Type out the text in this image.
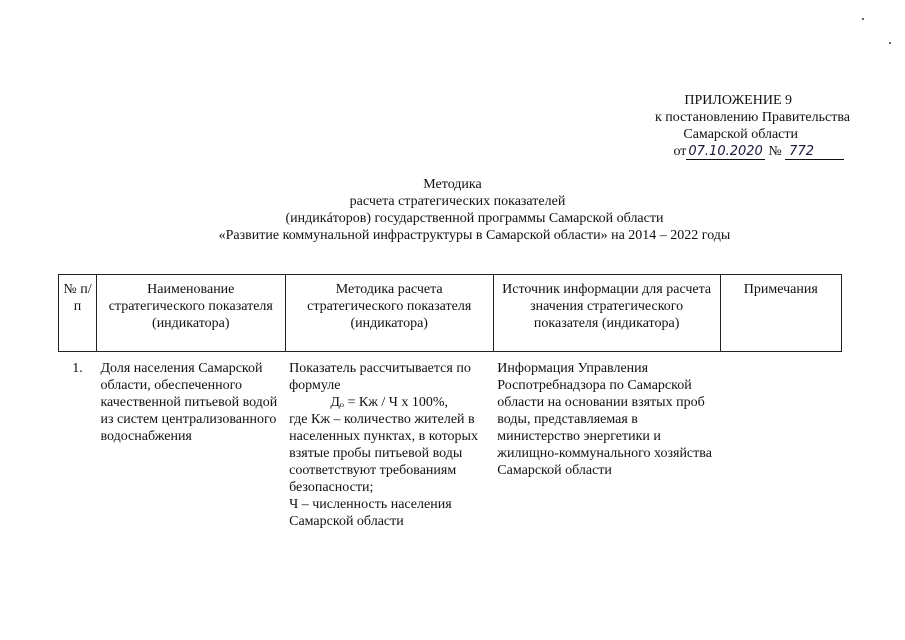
ПРИЛОЖЕНИЕ 9
к постановлению Правительства
Самарской области
от 07.10.2020 № 772
Методика
расчета стратегических показателей
(индикáторов) государственной программы Самарской области
«Развитие коммунальной инфраструктуры в Самарской области» на 2014 – 2022 годы
№ п/п	Наименование стратегического показателя (индикатора)	Методика расчета стратегического показателя (индикатора)	Источник информации для расчета значения стратегического показателя (индикатора)	Примечания
1.	Доля населения Самарской области, обеспеченного качественной питьевой водой из систем централизованного водоснабжения	Показатель рассчитывается по формуле
Дₒ = Кж / Ч х 100%,
где Кж – количество жителей в населенных пунктах, в которых взятые пробы питьевой воды соответствуют требованиям безопасности;
Ч – численность населения Самарской области	Информация Управления Роспотребнадзора по Самарской области на основании взятых проб воды, представляемая в министерство энергетики и жилищно-коммунального хозяйства Самарской области	
